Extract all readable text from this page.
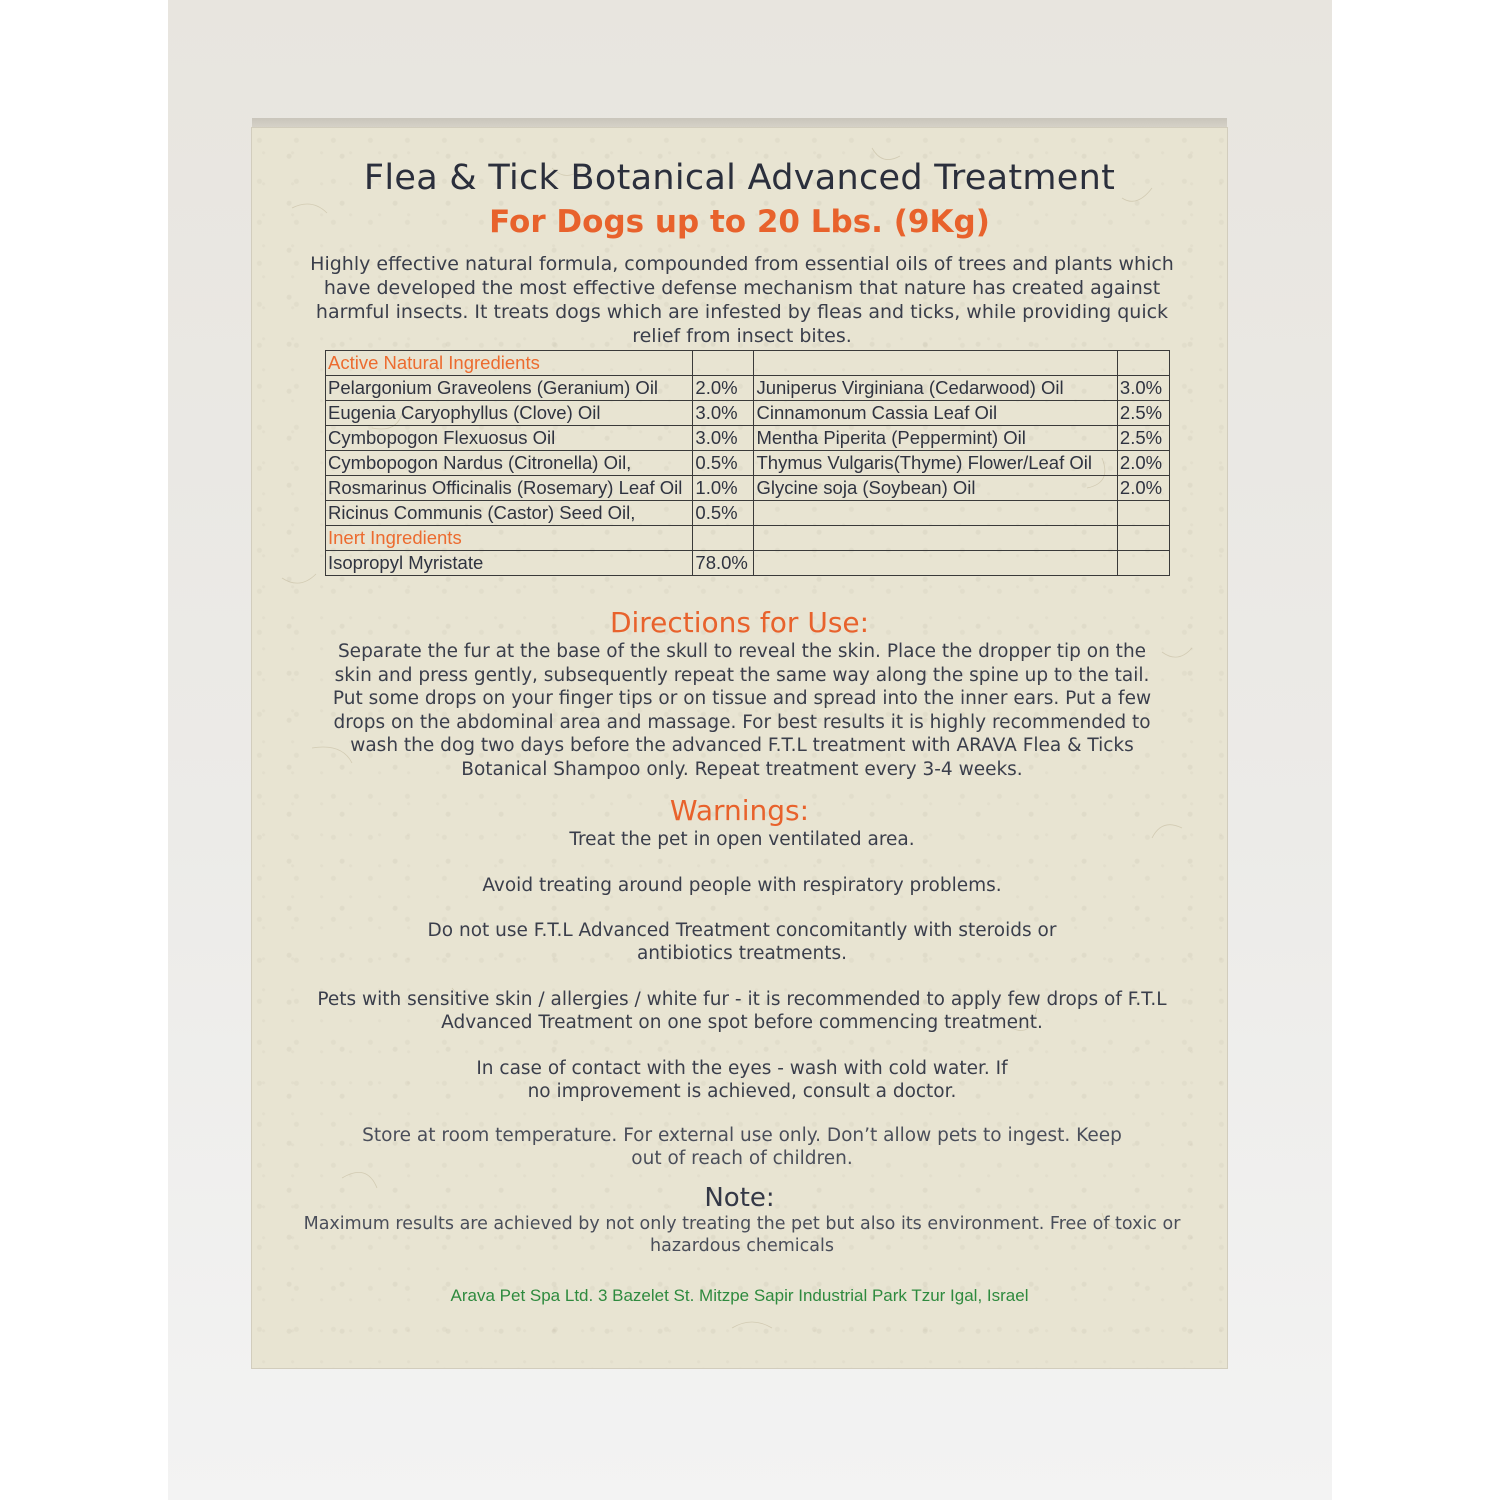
Flea & Tick Botanical Advanced Treatment
For Dogs up to 20 Lbs. (9Kg)

Highly effective natural formula, compounded from essential oils of trees and plants which have developed the most effective defense mechanism that nature has created against harmful insects. It treats dogs which are infested by fleas and ticks, while providing quick relief from insect bites.

Active Natural Ingredients			
Pelargonium Graveolens (Geranium) Oil	2.0%	Juniperus Virginiana (Cedarwood) Oil	3.0%
Eugenia Caryophyllus (Clove) Oil	3.0%	Cinnamonum Cassia Leaf Oil	2.5%
Cymbopogon Flexuosus Oil	3.0%	Mentha Piperita (Peppermint) Oil	2.5%
Cymbopogon Nardus (Citronella) Oil,	0.5%	Thymus Vulgaris(Thyme) Flower/Leaf Oil	2.0%
Rosmarinus Officinalis (Rosemary) Leaf Oil	1.0%	Glycine soja (Soybean) Oil	2.0%
Ricinus Communis (Castor) Seed Oil,	0.5%		
Inert Ingredients			
Isopropyl Myristate	78.0%		
Directions for Use:

Separate the fur at the base of the skull to reveal the skin. Place the dropper tip on the skin and press gently, subsequently repeat the same way along the spine up to the tail. Put some drops on your finger tips or on tissue and spread into the inner ears. Put a few drops on the abdominal area and massage. For best results it is highly recommended to wash the dog two days before the advanced F.T.L treatment with ARAVA Flea & Ticks Botanical Shampoo only. Repeat treatment every 3-4 weeks.

Warnings:

Treat the pet in open ventilated area.

Avoid treating around people with respiratory problems.

Do not use F.T.L Advanced Treatment concomitantly with steroids or antibiotics treatments.

Pets with sensitive skin / allergies / white fur - it is recommended to apply few drops of F.T.L Advanced Treatment on one spot before commencing treatment.

In case of contact with the eyes - wash with cold water. If no improvement is achieved, consult a doctor.

Store at room temperature. For external use only. Don’t allow pets to ingest. Keep out of reach of children.

Note:

Maximum results are achieved by not only treating the pet but also its environment. Free of toxic or hazardous chemicals

Arava Pet Spa Ltd. 3 Bazelet St. Mitzpe Sapir Industrial Park Tzur Igal, Israel
